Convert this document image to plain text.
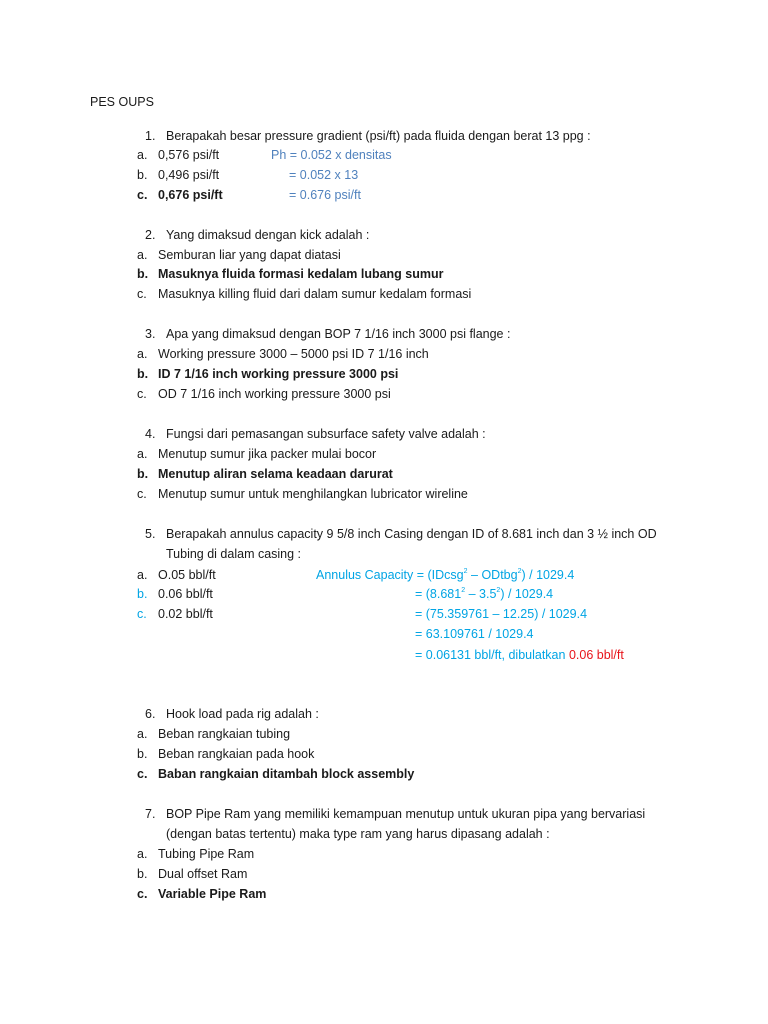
PES OUPS
1. Berapakah besar pressure gradient (psi/ft) pada fluida dengan berat 13 ppg :
a. 0,576 psi/ft
b. 0,496 psi/ft
c. 0,676 psi/ft
Ph = 0.052 x densitas
= 0.052 x 13
= 0.676 psi/ft
2. Yang dimaksud dengan kick adalah :
a. Semburan liar yang dapat diatasi
b. Masuknya fluida formasi kedalam lubang sumur
c. Masuknya killing fluid dari dalam sumur kedalam formasi
3. Apa yang dimaksud dengan BOP 7 1/16 inch 3000 psi flange :
a. Working pressure 3000 – 5000 psi ID 7 1/16 inch
b. ID 7 1/16 inch working pressure 3000 psi
c. OD 7 1/16 inch working pressure 3000 psi
4. Fungsi dari pemasangan subsurface safety valve adalah :
a. Menutup sumur jika packer mulai bocor
b. Menutup aliran selama keadaan darurat
c. Menutup sumur untuk menghilangkan lubricator wireline
5. Berapakah annulus capacity 9 5/8 inch Casing dengan ID of 8.681 inch dan 3 ½ inch OD
Tubing di dalam casing :
a. O.05 bbl/ft
b. 0.06 bbl/ft
c. 0.02 bbl/ft
Annulus Capacity = (IDcsg$^2$ – ODtbg$^2$) / 1029.4
= $(8.681^2 - 3.5^2) / 1029.4$
= (75.359761 – 12.25) / 1029.4
= 63.109761 / 1029.4
= 0.06131 bbl/ft, dibulatkan 0.06 bbl/ft
6. Hook load pada rig adalah :
a. Beban rangkaian tubing
b. Beban rangkaian pada hook
c. Baban rangkaian ditambah block assembly
7. BOP Pipe Ram yang memiliki kemampuan menutup untuk ukuran pipa yang bervariasi
(dengan batas tertentu) maka type ram yang harus dipasang adalah :
a. Tubing Pipe Ram
b. Dual offset Ram
c. Variable Pipe Ram
